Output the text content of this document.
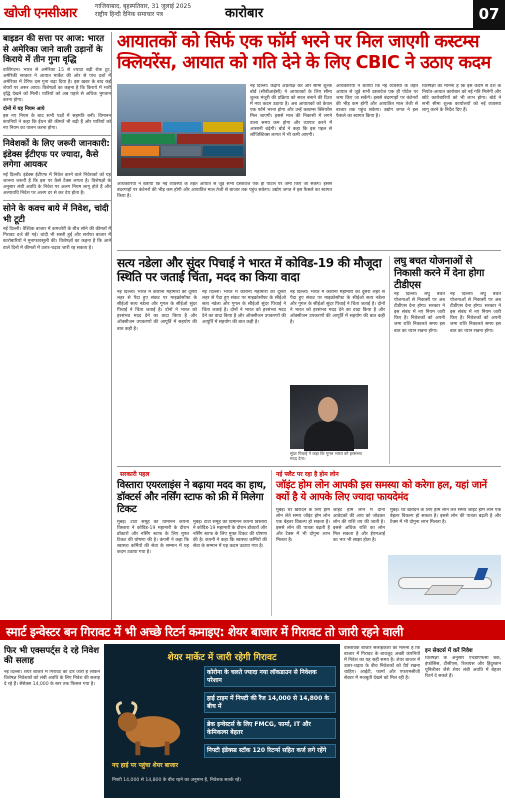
खोजी एनसीआर	गाजियाबाद, बृहस्पतिवार, 31 जुलाई 2025
राष्ट्रीय हिन्दी दैनिक समाचार पत्र	कारोबार	07
बाइडन की सत्ता पर आज: भारत से अमेरिका जाने वाली उड़ानों के किराये में तीन गुना वृद्धि

वाशिंगटन। भारत से अमेरिका 15 से ज्यादा बड़ी रोक टूट, अमेरिकी सरकार ने आयात मार्केट की ओर से पांच दशों में अमेरिका में टैरिफ दस गुना बढ़ा दिया है। इस खबर के बाद कई शेयरों पर असर आया। विशेषज्ञों का कहना है कि किराये में भारी वृद्धि देखने को मिली। यात्रियों को अब पहले से अधिक भुगतान करना होगा।

दोनों में यह नियम आये

इस नए नियम के बाद सभी पक्षों में सहमति बनी। विमानन कंपनियों ने कहा कि ईंधन की कीमतें भी बढ़ी हैं और यात्रियों को नए नियम का पालन करना होगा।

निवेशकों के लिए जरूरी जानकारी: इंडेक्स ईटीएफ पर ज्यादा, कैसे लगेगा आयकर

नई दिल्ली। इंडेक्स ईटीएफ में निवेश करने वाले निवेशकों को यह जानना जरूरी है कि इस पर कैसे टैक्स लगता है। विशेषज्ञों के अनुसार लंबी अवधि के निवेश पर अलग नियम लागू होते हैं और अल्पावधि निवेश पर अलग दर से कर देय होता है।

सोने के कवच बाये में निवेश, चांदी भी टूटी

नई दिल्ली। वैश्विक बाजार में कमजोरी के बीच सोने की कीमतों में गिरावट दर्ज की गई। चांदी भी सस्ती हुई और सर्राफा बाजार में कारोबारियों ने मुनाफावसूली की। विशेषज्ञों का कहना है कि आने वाले दिनों में कीमतों में उतार-चढ़ाव जारी रह सकता है।

आयातकों को सिर्फ एक फॉर्म भरने पर मिल जाएगी कस्टम्स
क्लियरेंस, आयात को गति देने के लिए CBIC ने उठाए कदम
नई दिल्ली। केंद्रीय अप्रत्यक्ष कर और सीमा शुल्क बोर्ड (सीबीआईसी) ने आयातकों के लिए सीमा शुल्क मंजूरी की प्रक्रिया को सरल बनाने की दिशा में नया कदम उठाया है। अब आयातकों को केवल एक फॉर्म भरना होगा और उन्हें कस्टम्स क्लियरेंस मिल जाएगी। इससे माल की निकासी में लगने वाला समय कम होगा और व्यापार करने में आसानी बढ़ेगी। बोर्ड ने कहा कि इस पहल से लॉजिस्टिक्स लागत में भी कमी आएगी।
अधिकारियों ने बताया कि नई व्यवस्था के तहत आयात से जुड़े सभी दस्तावेज एक ही पोर्टल पर जमा किए जा सकेंगे। इससे बंदरगाहों पर कंटेनरों की भीड़ कम होगी और आयातित माल तेजी से बाजार तक पहुंच सकेगा। उद्योग जगत ने इस फैसले का स्वागत किया है।
विशेषज्ञों का मानना है कि इस कदम से देश के निर्यात-आयात कारोबार को नई गति मिलेगी और छोटे कारोबारियों को भी लाभ होगा। बोर्ड ने सभी सीमा शुल्क कार्यालयों को नई व्यवस्था लागू करने के निर्देश दिए हैं।
अधिकारियों ने बताया कि नई व्यवस्था के तहत आयात से जुड़े सभी दस्तावेज एक ही पोर्टल पर जमा किए जा सकेंगे। इससे बंदरगाहों पर कंटेनरों की भीड़ कम होगी और आयातित माल तेजी से बाजार तक पहुंच सकेगा। उद्योग जगत ने इस फैसले का स्वागत किया है।
सत्य नडेला और सुंदर पिचाई ने भारत में कोविड-19 की मौजूदा स्थिति पर जताई चिंता, मदद का किया वादा
नई दिल्ली। भारत में कोरोना महामारी की दूसरी लहर से पैदा हुए संकट पर माइक्रोसॉफ्ट के सीईओ सत्य नडेला और गूगल के सीईओ सुंदर पिचाई ने चिंता जताई है। दोनों ने भारत को हरसंभव मदद देने का वादा किया है और ऑक्सीजन उपकरणों की आपूर्ति में सहयोग की बात कही है।
नई दिल्ली। भारत में कोरोना महामारी की दूसरी लहर से पैदा हुए संकट पर माइक्रोसॉफ्ट के सीईओ सत्य नडेला और गूगल के सीईओ सुंदर पिचाई ने चिंता जताई है। दोनों ने भारत को हरसंभव मदद देने का वादा किया है और ऑक्सीजन उपकरणों की आपूर्ति में सहयोग की बात कही है।
नई दिल्ली। भारत में कोरोना महामारी की दूसरी लहर से पैदा हुए संकट पर माइक्रोसॉफ्ट के सीईओ सत्य नडेला और गूगल के सीईओ सुंदर पिचाई ने चिंता जताई है। दोनों ने भारत को हरसंभव मदद देने का वादा किया है और ऑक्सीजन उपकरणों की आपूर्ति में सहयोग की बात कही है।
सुंदर पिचाई ने कहा कि गूगल भारत को हरसंभव मदद देगा।
लघु बचत योजनाओं से निकासी करने में देना होगा टीडीएस
नई दिल्ली। लघु बचत योजनाओं से निकासी पर अब टीडीएस देना होगा। सरकार ने इस संबंध में नए नियम जारी किए हैं। निवेशकों को अपनी जमा राशि निकालते समय इस बात का ध्यान रखना होगा।
नई दिल्ली। लघु बचत योजनाओं से निकासी पर अब टीडीएस देना होगा। सरकार ने इस संबंध में नए नियम जारी किए हैं। निवेशकों को अपनी जमा राशि निकालते समय इस बात का ध्यान रखना होगा।
सरकारी पहल
विस्तारा एयरलाइंस ने बढ़ाया मदद का हाथ, डॉक्टर्स और नर्सिंग स्टाफ को फ्री में मिलेगा टिकट
मुंबई। टाटा समूह की विमानन कंपनी विस्तारा ने कोविड-19 महामारी के दौरान डॉक्टरों और नर्सिंग स्टाफ के लिए मुफ्त टिकट की घोषणा की है। कंपनी ने कहा कि स्वास्थ्य कर्मियों की सेवा के सम्मान में यह कदम उठाया गया है।
मुंबई। टाटा समूह की विमानन कंपनी विस्तारा ने कोविड-19 महामारी के दौरान डॉक्टरों और नर्सिंग स्टाफ के लिए मुफ्त टिकट की घोषणा की है। कंपनी ने कहा कि स्वास्थ्य कर्मियों की सेवा के सम्मान में यह कदम उठाया गया है।
नई फ्लैट पर रहा है होम लोन
जॉइंट होम लोन आपकी इस समस्या को करेगा हल, यहां जानें क्यों है ये आपके लिए ज्यादा फायदेमंद
मुंबई। घर खरीदने के लिए होम लोन लेते समय जॉइंट होम लोन एक बेहतर विकल्प हो सकता है। इससे लोन की पात्रता बढ़ती है और टैक्स में भी दोगुना लाभ मिलता है।
जॉइंट होम लोन में दोनों आवेदकों की आय को जोड़कर लोन की राशि तय की जाती है। इससे अधिक राशि का लोन मिल सकता है और ईएमआई का भार भी साझा होता है।
मुंबई। घर खरीदने के लिए होम लोन लेते समय जॉइंट होम लोन एक बेहतर विकल्प हो सकता है। इससे लोन की पात्रता बढ़ती है और टैक्स में भी दोगुना लाभ मिलता है।
स्मार्ट इन्वेस्टर बन गिरावट में भी अच्छे रिटर्न कमाइए: शेयर बाजार में गिरावट तो जारी रहने वाली
फिर भी एक्सपर्ट्स दे रहे निवेश की सलाह
नई दिल्ली। शेयर बाजार में गिरावट का दौर जारी है लेकिन विशेषज्ञ निवेशकों को लंबी अवधि के लिए निवेश की सलाह दे रहे हैं। सेंसेक्स 14,000 के स्तर तक फिसल गया है।
शेयर मार्केट में जारी रहेगी गिरावट
कोरोना के चलते ज्यादा नया लॉकडाउन से निवेशक परेशान
हाई टाइम में निफ्टी की रैंज 14,000 से 14,800 के बीच में
ब्रेक इन्वेस्टर्स के लिए FMCG, फार्मा, IT और केमिकल्स बेहतर
निफ्टी इंडेक्स्ड स्टॉक 120 रिटर्न्स सहित कर्ज लगे रहेंगे
नए हाई पर पहुंचा शेयर बाजार
निफ्टी 14,000 से 14,800 के बीच रहने का अनुमान है, निवेशक सतर्क रहें।
वास्तविक बाजार सलाहकारों का मानना है कि बाजार में गिरावट के बावजूद अच्छी कंपनियों में निवेश का यह सही समय है। शेयर बाजार में उतार-चढ़ाव के बीच निवेशकों को धैर्य रखना चाहिए। आईटी, फार्मा और एफएमसीजी सेक्टर में मजबूती देखने को मिल रही है।
इन सेक्टर्स में करें निवेश
विशेषज्ञों के अनुसार एचडीएफसी बैंक, इंफोसिस, टीसीएस, रिलायंस और हिंदुस्तान यूनिलीवर जैसे शेयर लंबी अवधि में बेहतर रिटर्न दे सकते हैं।
